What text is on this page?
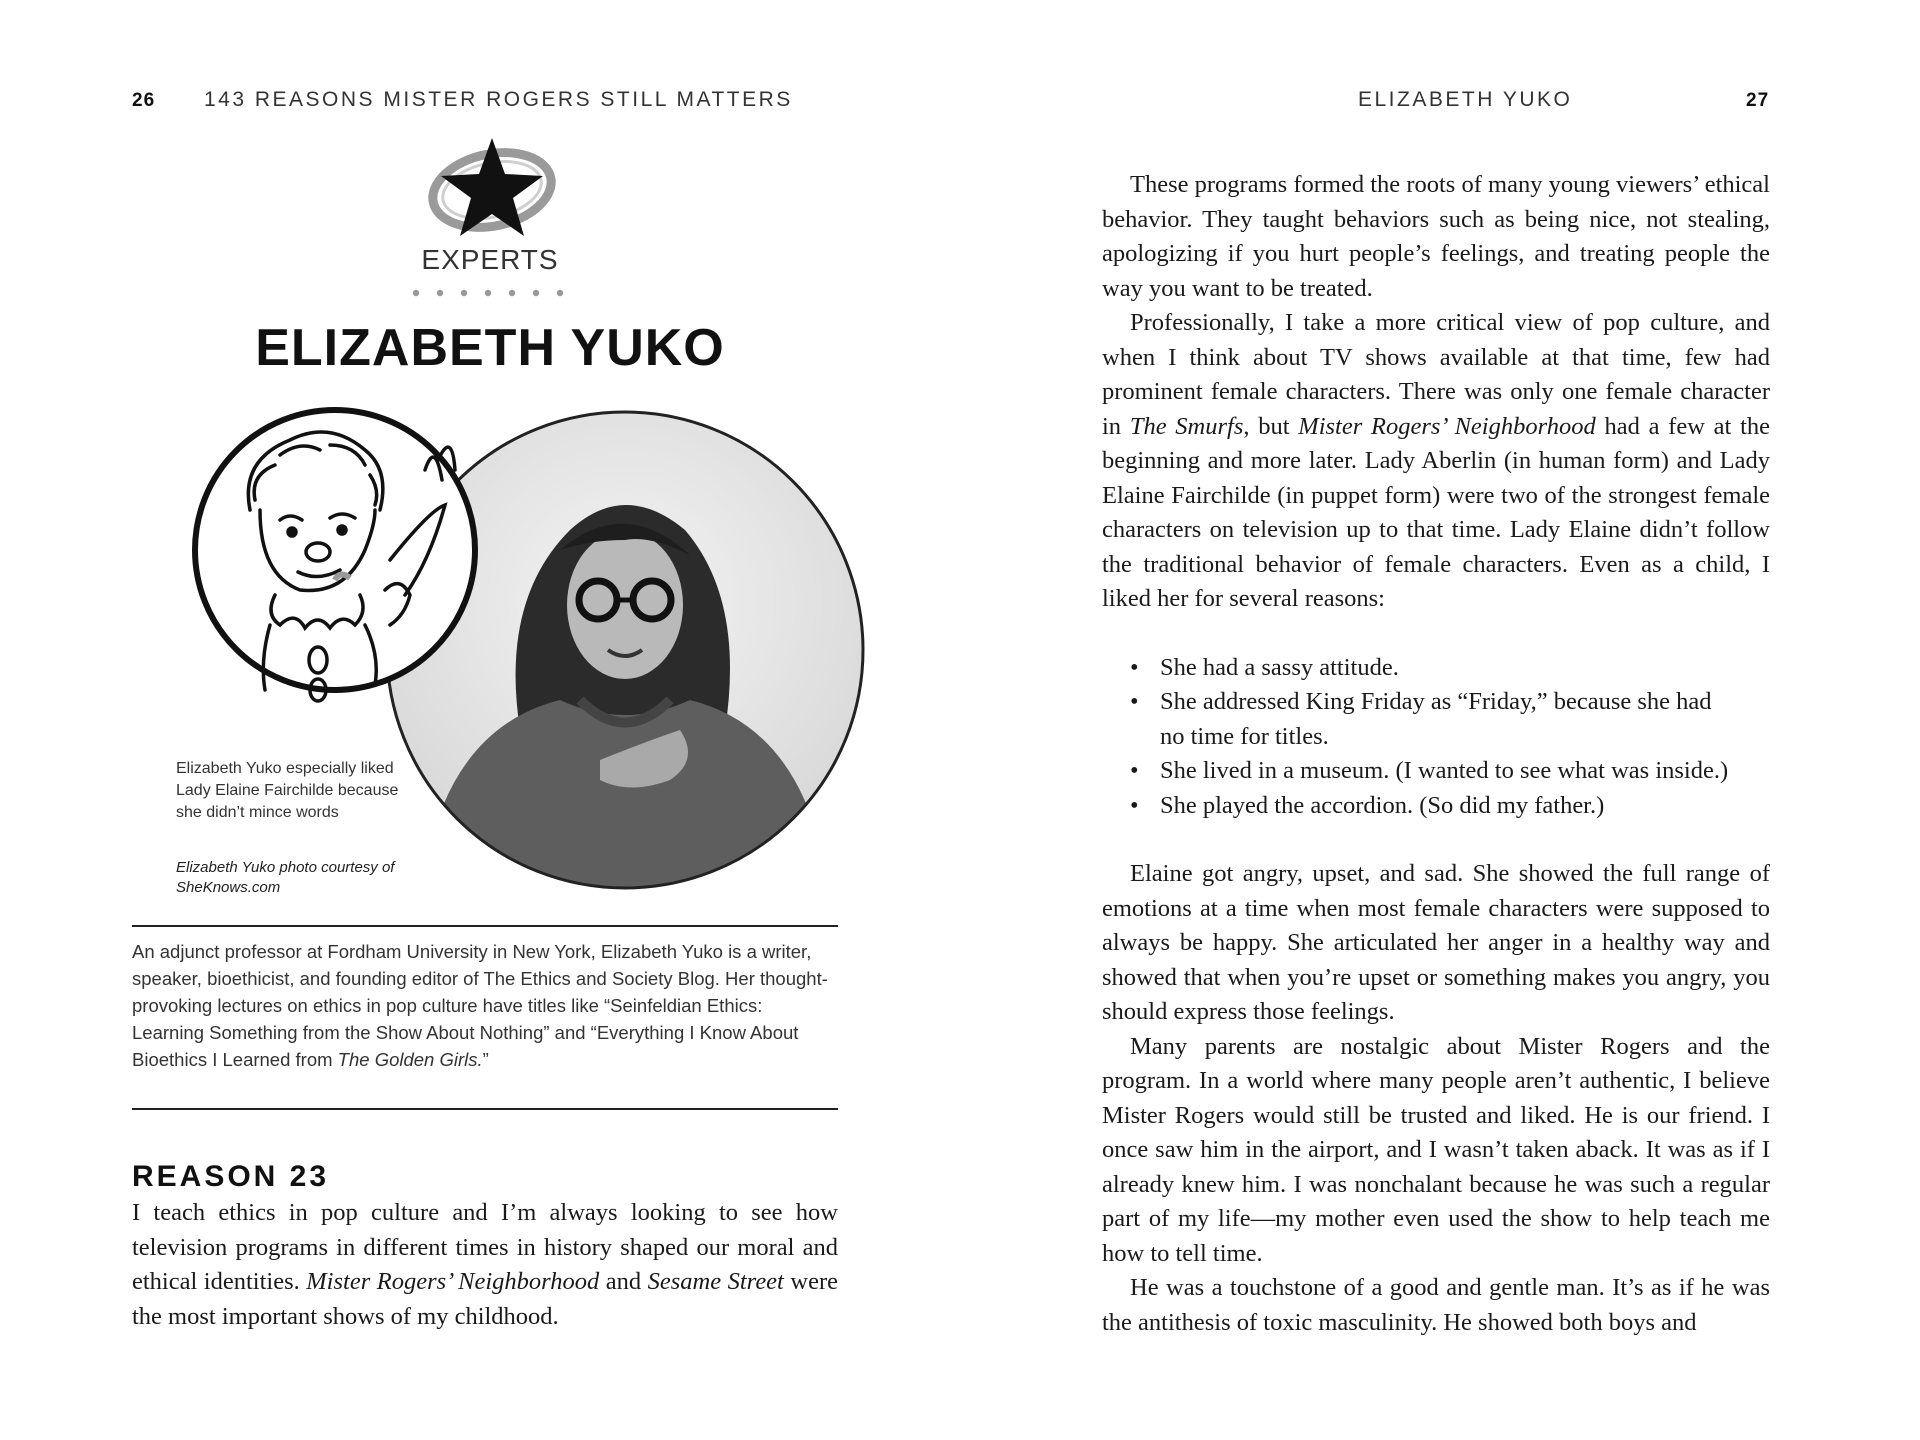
26 143 REASONS MISTER ROGERS STILL MATTERS
EXPERTS
ELIZABETH YUKO
Elizabeth Yuko especially liked Lady Elaine Fairchilde because she didn’t mince words
Elizabeth Yuko photo courtesy of SheKnows.com

An adjunct professor at Fordham University in New York, Elizabeth Yuko is a writer, speaker, bioethicist, and founding editor of The Ethics and Society Blog. Her thought-provoking lectures on ethics in pop culture have titles like “Seinfeldian Ethics: Learning Something from the Show About Nothing” and “Everything I Know About Bioethics I Learned from The Golden Girls.”

REASON 23

I teach ethics in pop culture and I’m always looking to see how television programs in different times in history shaped our moral and ethical identities. Mister Rogers’ Neighborhood and Sesame Street were the most important shows of my childhood.

ELIZABETH YUKO	27

These programs formed the roots of many young viewers’ ethical behavior. They taught behaviors such as being nice, not stealing, apologizing if you hurt people’s feelings, and treating people the way you want to be treated.

Professionally, I take a more critical view of pop culture, and when I think about TV shows available at that time, few had prominent female characters. There was only one female character in The Smurfs, but Mister Rogers’ Neighborhood had a few at the beginning and more later. Lady Aberlin (in human form) and Lady Elaine Fairchilde (in puppet form) were two of the strongest female characters on television up to that time. Lady Elaine didn’t follow the traditional behavior of female characters. Even as a child, I liked her for several reasons:

• She had a sassy attitude.
• She addressed King Friday as “Friday,” because she had no time for titles.
• She lived in a museum. (I wanted to see what was inside.)
• She played the accordion. (So did my father.)

Elaine got angry, upset, and sad. She showed the full range of emotions at a time when most female characters were supposed to always be happy. She articulated her anger in a healthy way and showed that when you’re upset or something makes you angry, you should express those feelings.

Many parents are nostalgic about Mister Rogers and the program. In a world where many people aren’t authentic, I believe Mister Rogers would still be trusted and liked. He is our friend. I once saw him in the airport, and I wasn’t taken aback. It was as if I already knew him. I was nonchalant because he was such a regular part of my life—my mother even used the show to help teach me how to tell time.

He was a touchstone of a good and gentle man. It’s as if he was the antithesis of toxic masculinity. He showed both boys and
